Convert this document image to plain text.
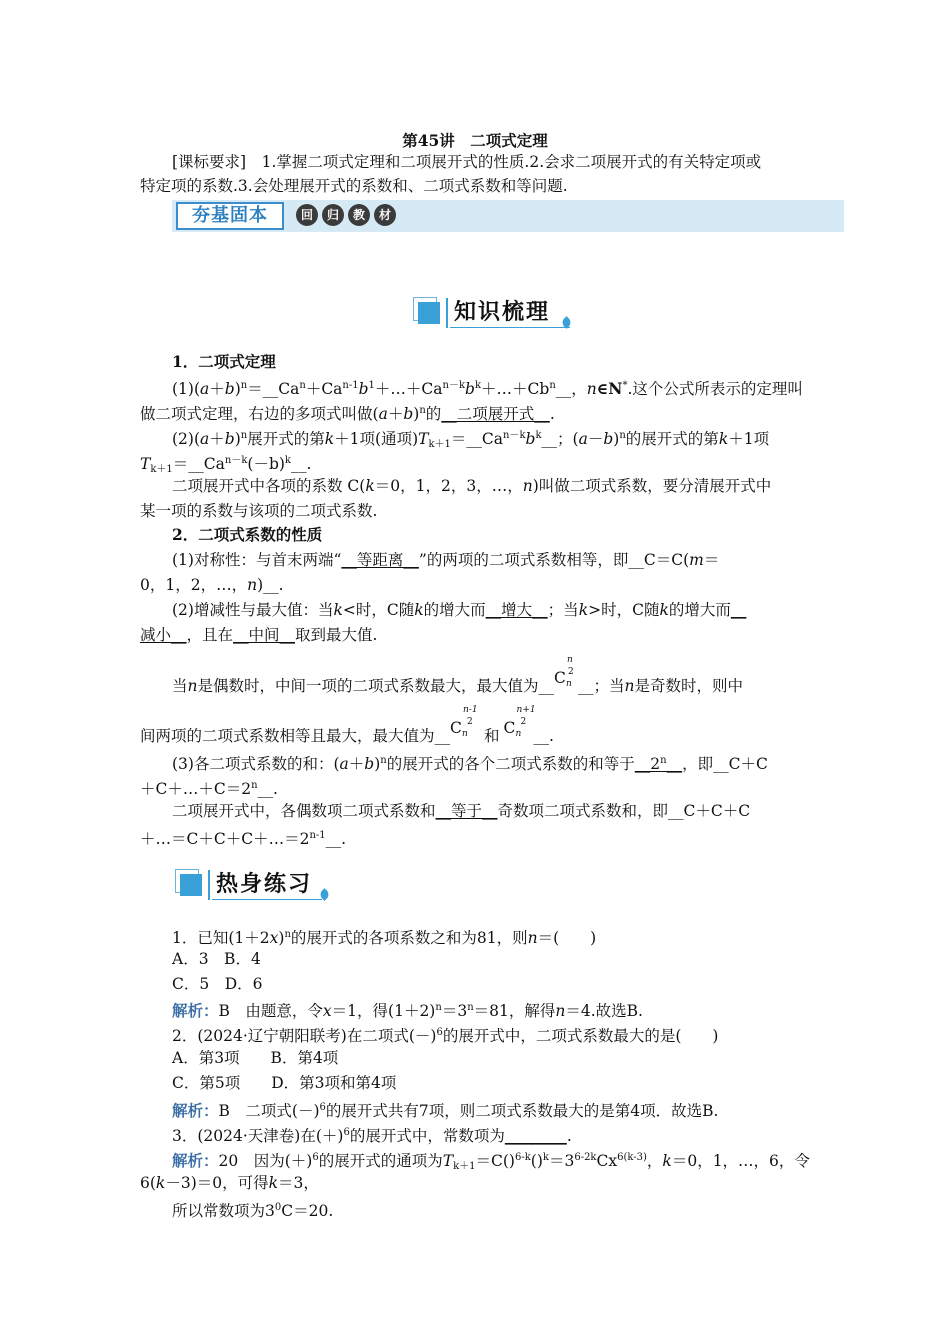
第45讲　二项式定理
[课标要求]　1.掌握二项式定理和二项展开式的性质.2.会求二项展开式的有关特定项或
特定项的系数.3.会处理展开式的系数和、二项式系数和等问题.
夯基固本	回	归	教	材
知识梳理
1．二项式定理
$(1)(a+b)^n=\_\_Ca^n+Ca^{n-1}b^1+\dots+Ca^{n-k}b^k+\dots+Cb^n\_\_$，n∈N*.这个公式所表示的定理叫
做二项式定理，右边的多项式叫做$(a+b)^n$的__二项展开式__.
$(2)(a+b)^n$展开式的第k＋1项(通项)$T_{k+1}=\_\_Ca^{n-k}b^k\_\_$；$(a-b)^n$的展开式的第k＋1项
$T_{k+1}=\_\_Ca^{n-k}(-b)^k\_\_$.
二项展开式中各项的系数 C(k＝0，1，2，3，…，n)叫做二项式系数，要分清展开式中
某一项的系数与该项的二项式系数.
2．二项式系数的性质
(1)对称性：与首末两端“__等距离__”的两项的二项式系数相等，即__C＝C(m＝
0，1，2，…，n)__.
(2)增减性与最大值：当k<时，C随k的增大而__增大__；当k>时，C随k的增大而__
减小__，且在__中间__取到最大值.
当n是偶数时，中间一项的二项式系数最大，最大值为__C n
n
2
__；当n是奇数时，则中
间两项的二项式系数相等且最大，最大值为__C n
n-1
2
和 C n
n+1
2
__.
(3)各二项式系数的和：$(a+b)^n$的展开式的各个二项式系数的和等于__2$^n$__，即__C＋C
$+C+\dots+C=2^n\_\_$.
二项展开式中，各偶数项二项式系数和__等于__奇数项二项式系数和，即__C＋C＋C
$+\dots=C+C+C+\dots=2^{n-1}\_\_$.
热身练习
1．已知$(1+2x)^n$的展开式的各项系数之和为81，则n＝(　　)
A．3　B．4
C．5　D．6
解析：B　由题意，令x＝1，得$(1+2)^n=3^n=81$，解得n＝4.故选B.
2．(2024·辽宁朝阳联考)在二项式$(-)^6$的展开式中，二项式系数最大的是(　　)
A．第3项　　B．第4项
C．第5项　　D．第3项和第4项
解析：B　二项式$(-)^6$的展开式共有7项，则二项式系数最大的是第4项．故选B.
3．(2024·天津卷)在$(+)^6$的展开式中，常数项为________.
解析：20　因为$(+)^6$的展开式的通项为$T_{k+1}=C()^{6-k}()^k=3^{6-2k}Cx^{6(k-3)}$，k＝0，1，…，6，令
6(k－3)＝0，可得k＝3，
所以常数项为$3^0C=20$.
